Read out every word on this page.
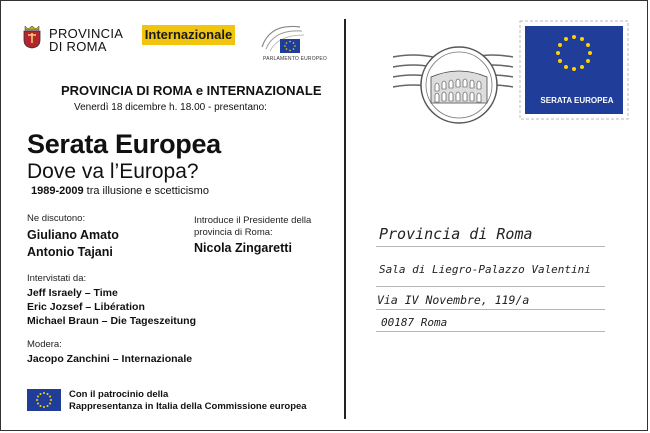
PROVINCIA
DI ROMA
Internazionale
PARLAMENTO EUROPEO
PROVINCIA DI ROMA e INTERNAZIONALE
Venerdì 18 dicembre h. 18.00 - presentano:
Serata Europea
Dove va l’Europa?
1989-2009 tra illusione e scetticismo
Ne discutono:
Giuliano Amato
Antonio Tajani
Introduce il Presidente della
provincia di Roma:
Nicola Zingaretti
Intervistati da:
Jeff Israely – Time
Eric Jozsef – Libération
Michael Braun – Die Tageszeitung
Modera:
Jacopo Zanchini – Internazionale
Con il patrocinio della
Rappresentanza in Italia della Commissione europea
SERATA EUROPEA
Provincia di Roma
Sala di Liegro-Palazzo Valentini
Via IV Novembre, 119/a
00187 Roma
